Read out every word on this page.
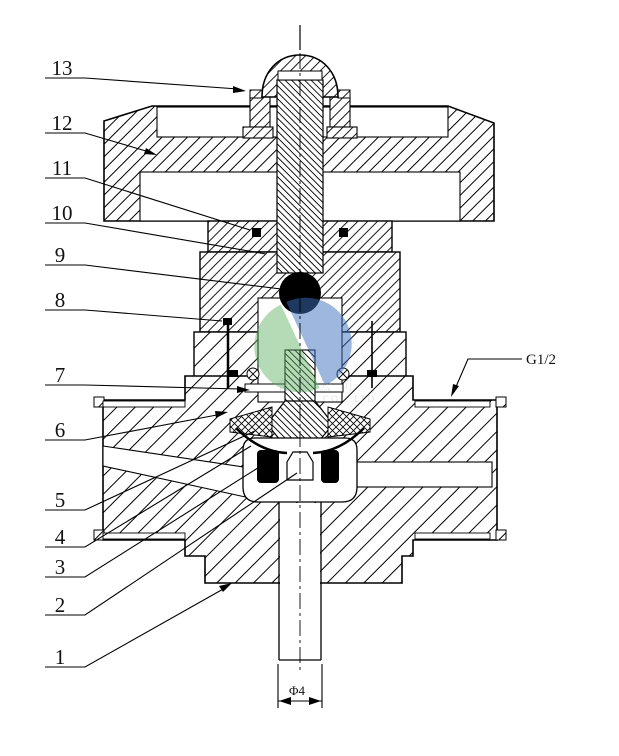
有限公司
CO., LTD.
13
12
11
10
9
8
7
6
5
4
3
2
1
G1/2
Φ4
